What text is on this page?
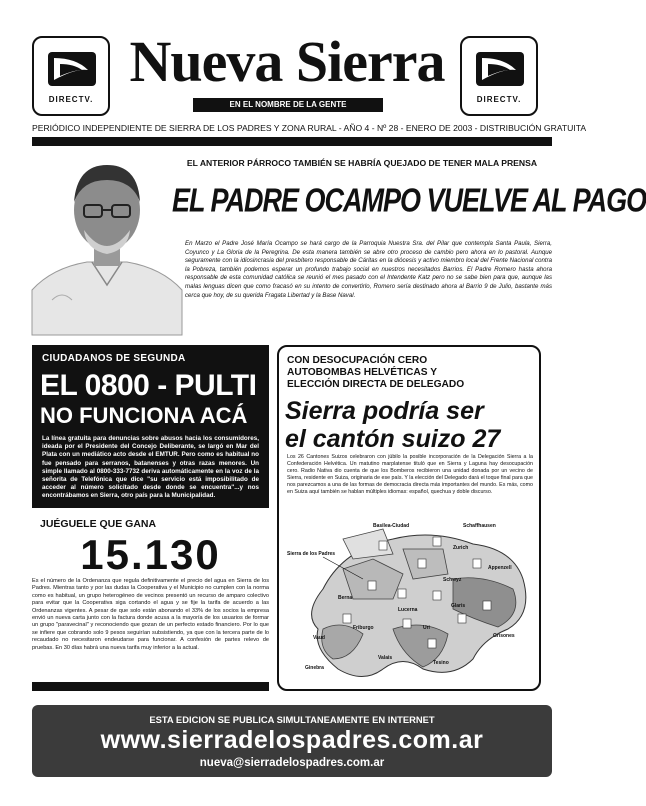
DIRECTV.
Nueva Sierra
DIRECTV.
EN EL NOMBRE DE LA GENTE
PERIÓDICO INDEPENDIENTE DE SIERRA DE LOS PADRES Y ZONA RURAL - AÑO 4 - Nº 28 - ENERO DE 2003 - DISTRIBUCIÓN GRATUITA
EL ANTERIOR PÁRROCO TAMBIÉN SE HABRÍA QUEJADO DE TENER MALA PRENSA
EL PADRE OCAMPO VUELVE AL PAGO
En Marzo el Padre José María Ocampo se hará cargo de la Parroquia Nuestra Sra. del Pilar que contempla Santa Paula, Sierra, Coyunco y La Gloria de la Peregrina. De esta manera también se abre otro proceso de cambio pero ahora en lo pastoral. Aunque seguramente con la idiosincrasia del presbítero responsable de Cáritas en la diócesis y activo miembro local del Frente Nacional contra la Pobreza, también podemos esperar un profundo trabajo social en nuestros necesitados Barrios. El Padre Romero hasta ahora responsable de esta comunidad católica se reunió el mes pasado con el Intendente Katz pero no se sabe bien para que, aunque las malas lenguas dicen que como fracasó en su intento de convertirlo, Romero sería destinado ahora al Barrio 9 de Julio, bastante más cerca que hoy, de su querida Fragata Libertad y la Base Naval.
CIUDADANOS DE SEGUNDA
EL 0800 - PULTI
NO FUNCIONA ACÁ
La línea gratuita para denuncias sobre abusos hacia los consumidores, ideada por el Presidente del Concejo Deliberante, se largó en Mar del Plata con un mediático acto desde el EMTUR. Pero como es habitual no fue pensado para serranos, batanenses y otras razas menores. Un simple llamado al 0800-333-7732 deriva automáticamente en la voz de la señorita de Telefónica que dice "su servicio está imposibilitado de acceder al número solicitado desde donde se encuentra"...y nos encontrábamos en Sierra, otro país para la Municipalidad.
JUÉGUELE QUE GANA
15.130
Es el número de la Ordenanza que regula definitivamente el precio del agua en Sierra de los Padres. Mientras tanto y por las dudas la Cooperativa y el Municipio no cumplen con la norma como es habitual, un grupo heterogéneo de vecinos presentó un recurso de amparo colectivo para evitar que la Cooperativa siga cortando el agua y se fije la tarifa de acuerdo a las Ordenanzas vigentes. A pesar de que solo están abonando el 33% de los socios la empresa envió un nueva carta junto con la factura donde acusa a la mayoría de los usuarios de formar un grupo "paravecinal" y reconociendo que gozan de un perfecto estado financiero. Por lo que se infiere que cobrando solo 9 pesos seguirían subsistiendo, ya que con la tercera parte de lo recaudado no necesitaron endeudarse para funcionar. A confesión de partes relevo de pruebas. En 30 días habrá una nueva tarifa muy inferior a la actual.
CON DESOCUPACIÓN CERO
AUTOBOMBAS HELVÉTICAS Y
ELECCIÓN DIRECTA DE DELEGADO
Sierra podría ser
el cantón suizo 27
Los 26 Cantones Suizos celebraron con júbilo la posible incorporación de la Delegación Sierra a la Confederación Helvética. Un matutino marplatense tituló que en Sierra y Laguna hay desocupación cero. Radio Nativa dio cuenta de que los Bomberos recibieron una unidad donada por un vecino de Sierra, residente en Suiza, originaria de ese país. Y la elección del Delegado dará el toque final para que nos parezcamos a una de las formas de democracia directa más importantes del mundo. Es más, como en Suiza aquí también se hablan múltiples idiomas: español, quechua y doble discurso.
Basilea-Ciudad	Schaffhausen
Sierra de los Padres
Zurich
Appenzell
Berna
Lucerna
Glaris
Grisones
Friburgo
Vaud
Ginebra
Tesino
Valais
Uri
Schwyz
ESTA EDICION SE PUBLICA SIMULTANEAMENTE EN INTERNET
www.sierradelospadres.com.ar
nueva@sierradelospadres.com.ar
